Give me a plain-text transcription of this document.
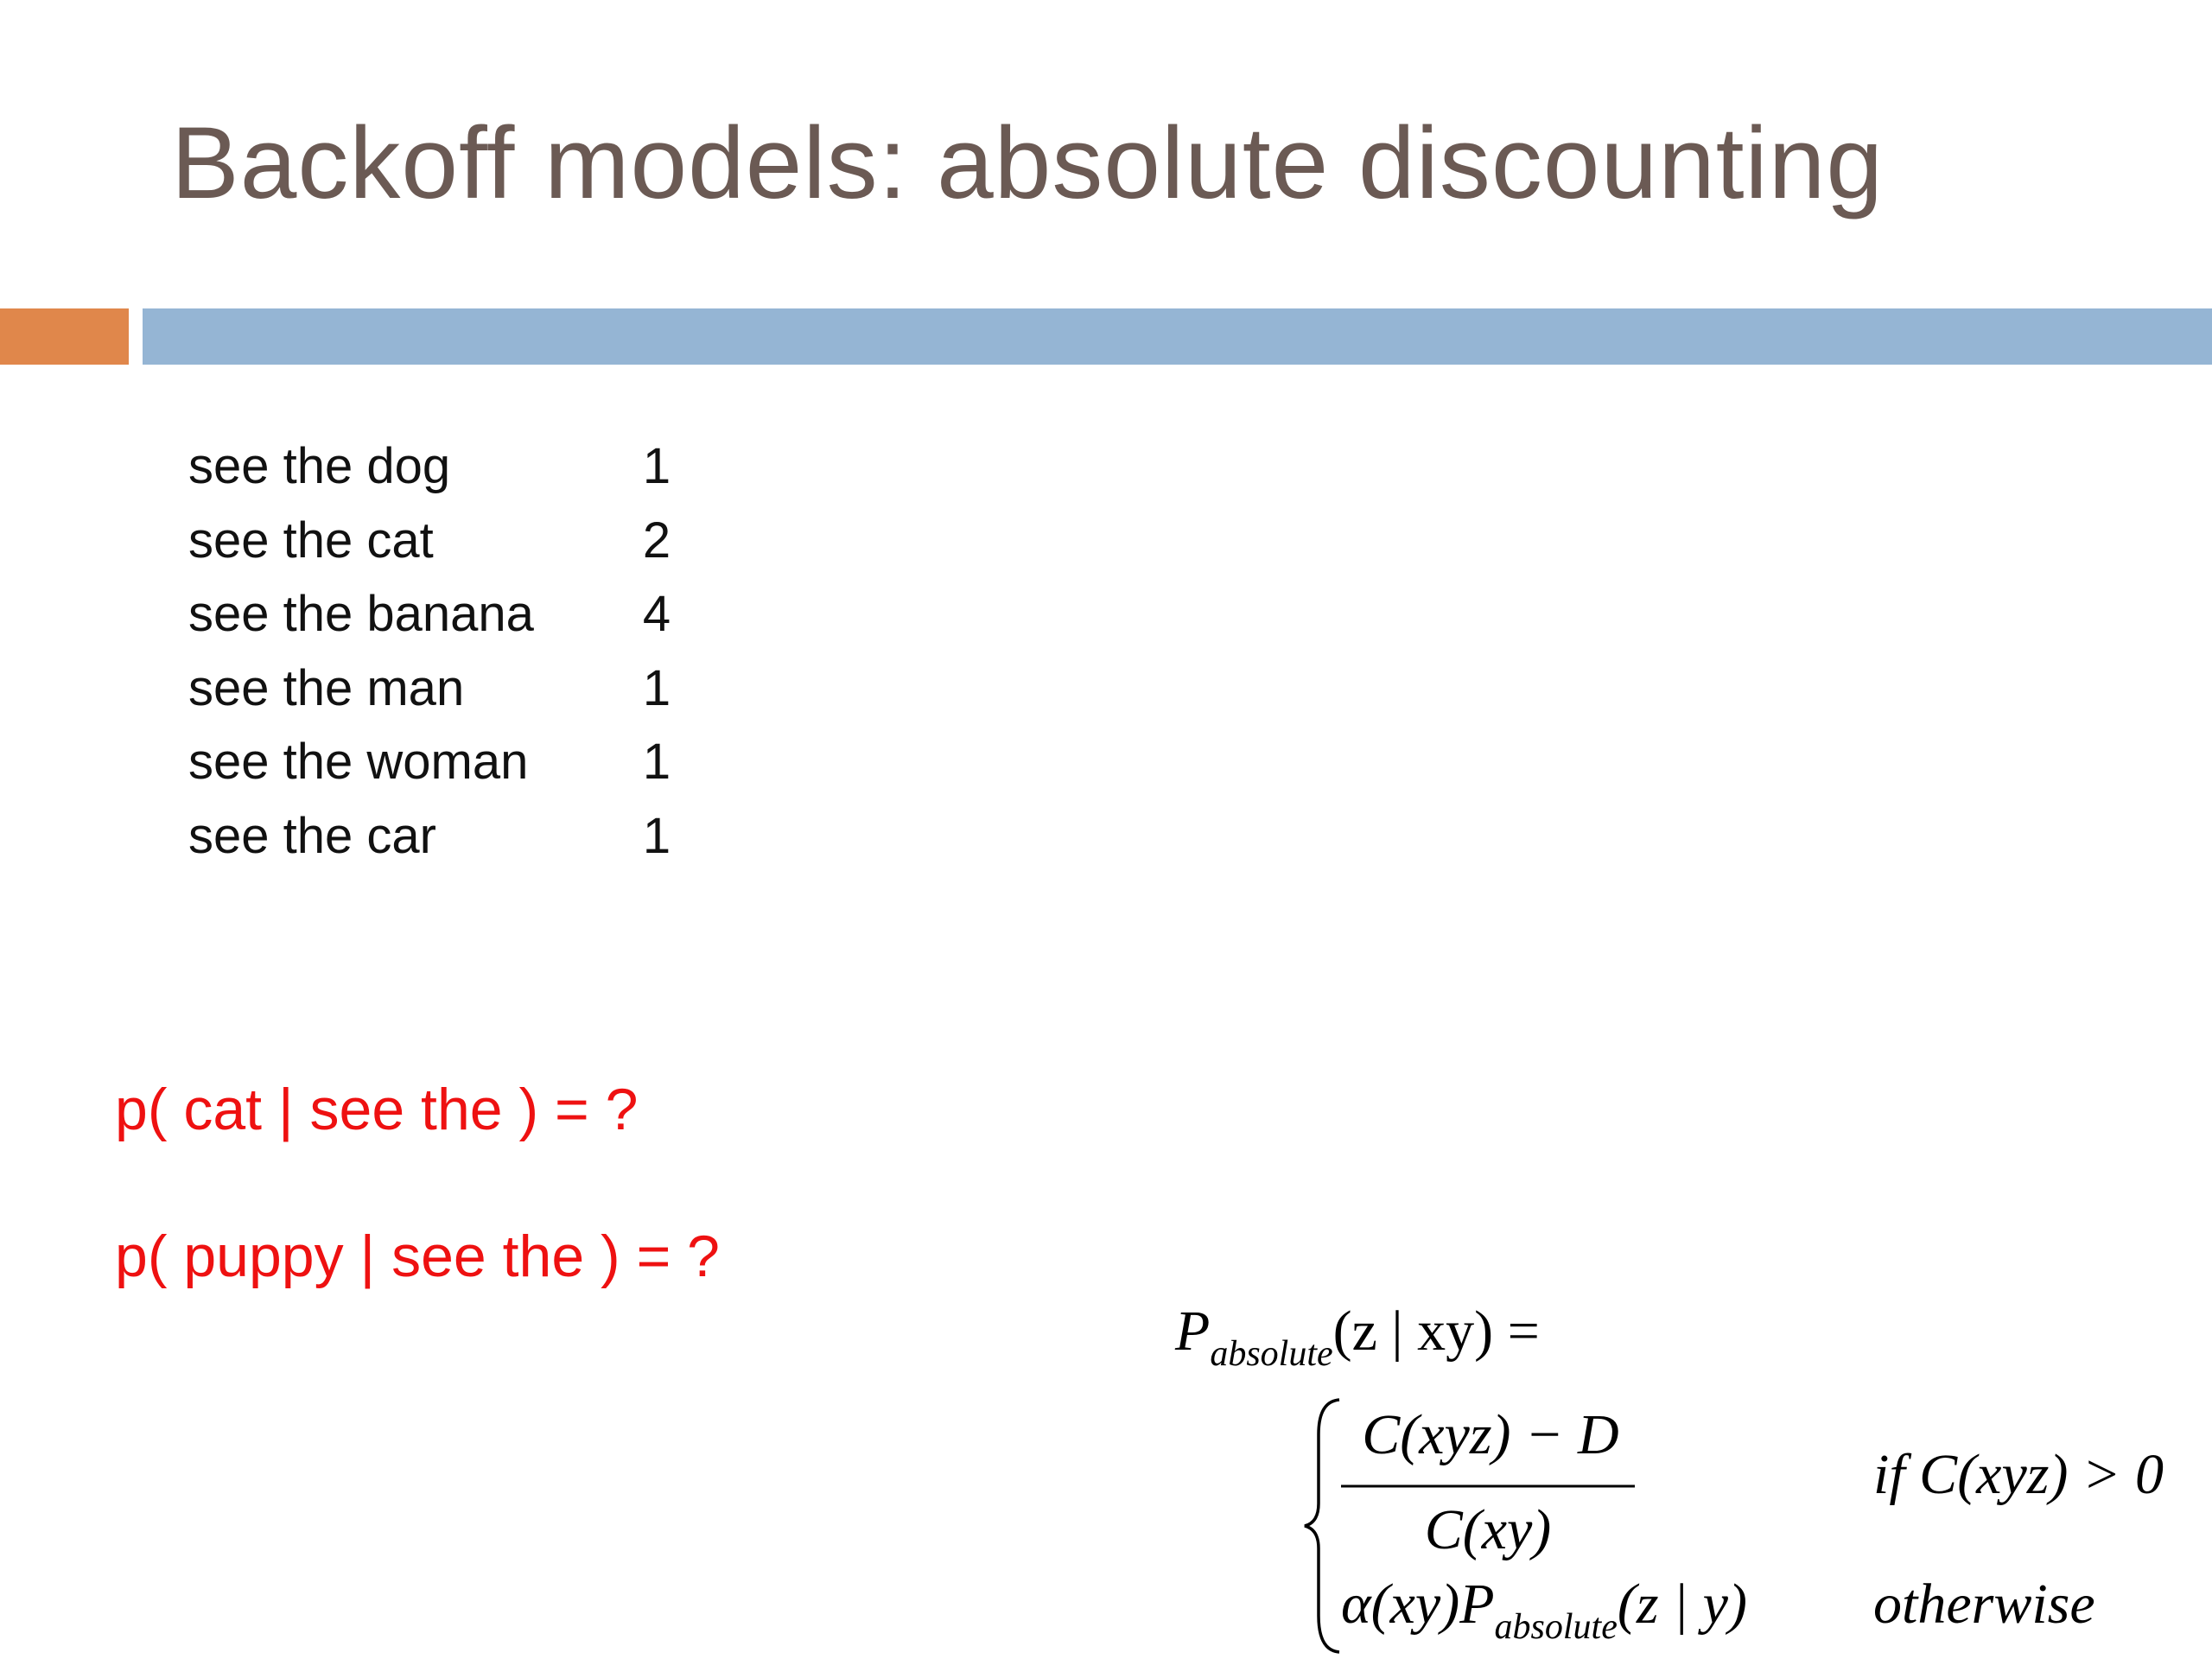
Backoff models: absolute discounting
see the dog	1
see the cat	2
see the banana	4
see the man	1
see the woman	1
see the car	1
p( cat | see the ) = ?
p( puppy | see the ) = ?
$P_{absolute}(z$ | xy) =
C(xyz) − D
C(xy)
if C(xyz) > 0
$\alpha(xy)P_{absolute}(z$ | y) otherwise
